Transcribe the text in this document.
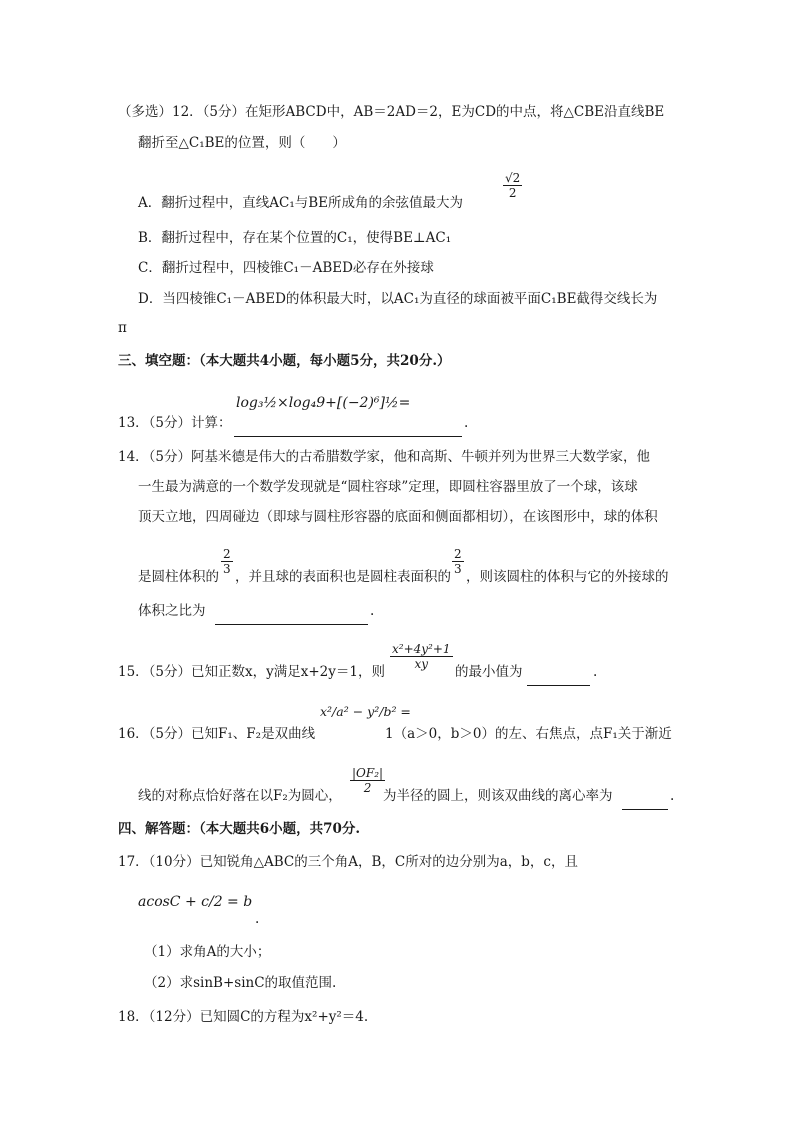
（多选）12．（5分）在矩形ABCD中，AB＝2AD＝2，E为CD的中点，将△CBE沿直线BE
翻折至△C₁BE的位置，则（　　）
A．翻折过程中，直线AC₁与BE所成角的余弦值最大为
$\frac{√2}{2}$
B．翻折过程中，存在某个位置的C₁，使得BE⊥AC₁
C．翻折过程中，四棱锥C₁－ABED必存在外接球
D．当四棱锥C₁－ABED的体积最大时，以AC₁为直径的球面被平面C₁BE截得交线长为
π
三、填空题：（本大题共4小题，每小题5分，共20分.）
13．（5分）计算：
log₃½×log₄9+[(−2)⁶]½=
.
14．（5分）阿基米德是伟大的古希腊数学家，他和高斯、牛顿并列为世界三大数学家，他
一生最为满意的一个数学发现就是“圆柱容球”定理，即圆柱容器里放了一个球，该球
顶天立地，四周碰边（即球与圆柱形容器的底面和侧面都相切），在该图形中，球的体积
是圆柱体积的
$\frac{2}{3}$
，并且球的表面积也是圆柱表面积的
$\frac{2}{3}$
，则该圆柱的体积与它的外接球的
体积之比为	.
15．（5分）已知正数x，y满足x+2y＝1，则
$\frac{\text{x²+4y²+1}}{xy}$
的最小值为	.
16．（5分）已知F₁、F₂是双曲线
x²/a² − y²/b² =
1（a＞0，b＞0）的左、右焦点，点F₁关于渐近
线的对称点恰好落在以F₂为圆心，
$\frac{\text{|OF₂|}}{2}$
为半径的圆上，则该双曲线的离心率为	.
四、解答题：（本大题共6小题，共70分.
17．（10分）已知锐角△ABC的三个角A，B，C所对的边分别为a，b，c，且
acosC + c/2 = b
.
（1）求角A的大小；
（2）求sinB+sinC的取值范围.
18．（12分）已知圆C的方程为x²+y²＝4.
